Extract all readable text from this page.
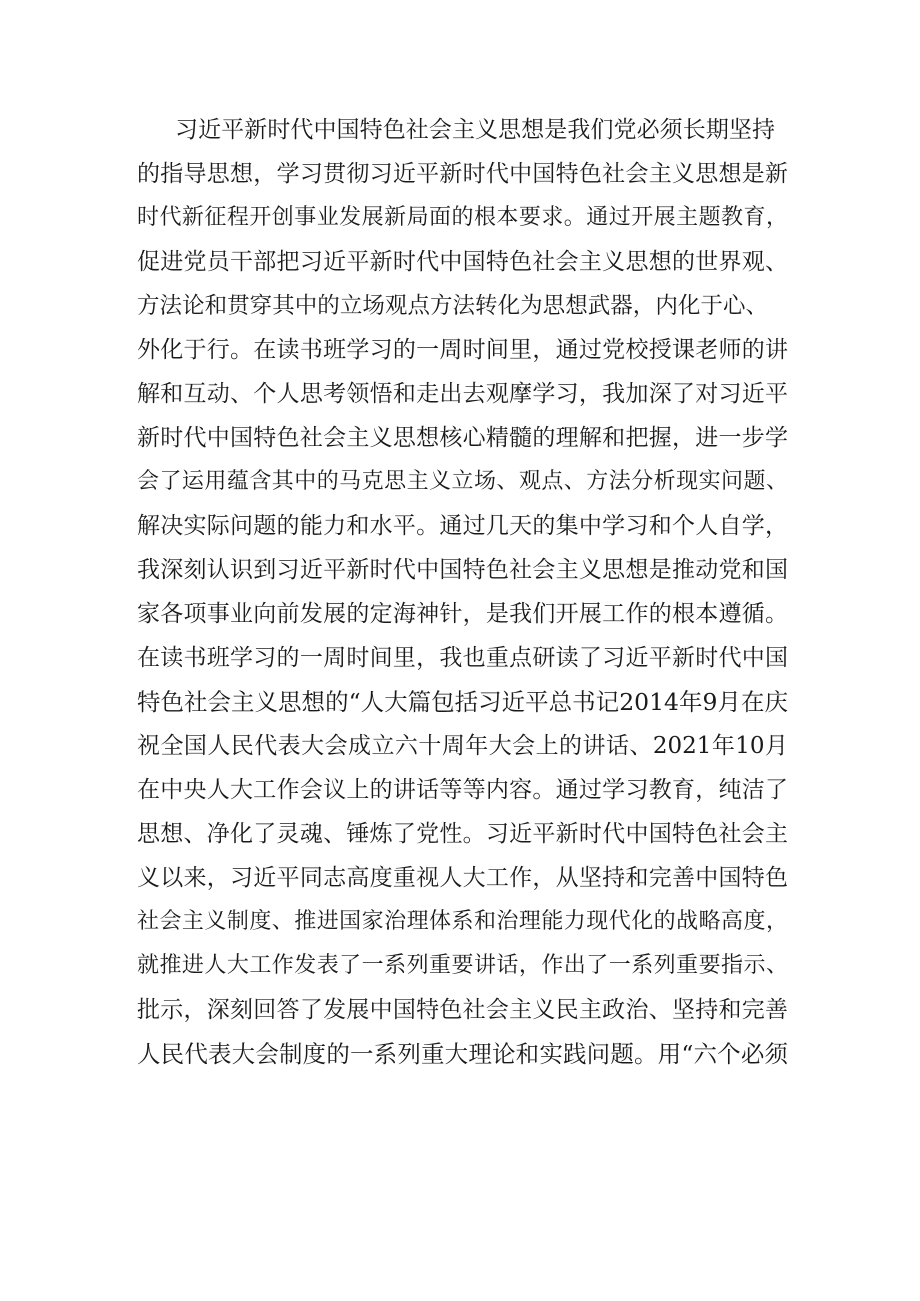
习近平新时代中国特色社会主义思想是我们党必须长期坚持
的指导思想，学习贯彻习近平新时代中国特色社会主义思想是新
时代新征程开创事业发展新局面的根本要求。通过开展主题教育，
促进党员干部把习近平新时代中国特色社会主义思想的世界观、
方法论和贯穿其中的立场观点方法转化为思想武器，内化于心、
外化于行。在读书班学习的一周时间里，通过党校授课老师的讲
解和互动、个人思考领悟和走出去观摩学习，我加深了对习近平
新时代中国特色社会主义思想核心精髓的理解和把握，进一步学
会了运用蕴含其中的马克思主义立场、观点、方法分析现实问题、
解决实际问题的能力和水平。通过几天的集中学习和个人自学，
我深刻认识到习近平新时代中国特色社会主义思想是推动党和国
家各项事业向前发展的定海神针，是我们开展工作的根本遵循。
在读书班学习的一周时间里，我也重点研读了习近平新时代中国
特色社会主义思想的“人大篇包括习近平总书记2014年9月在庆
祝全国人民代表大会成立六十周年大会上的讲话、2021年10月
在中央人大工作会议上的讲话等等内容。通过学习教育，纯洁了
思想、净化了灵魂、锤炼了党性。习近平新时代中国特色社会主
义以来，习近平同志高度重视人大工作，从坚持和完善中国特色
社会主义制度、推进国家治理体系和治理能力现代化的战略高度，
就推进人大工作发表了一系列重要讲话，作出了一系列重要指示、
批示，深刻回答了发展中国特色社会主义民主政治、坚持和完善
人民代表大会制度的一系列重大理论和实践问题。用“六个必须
